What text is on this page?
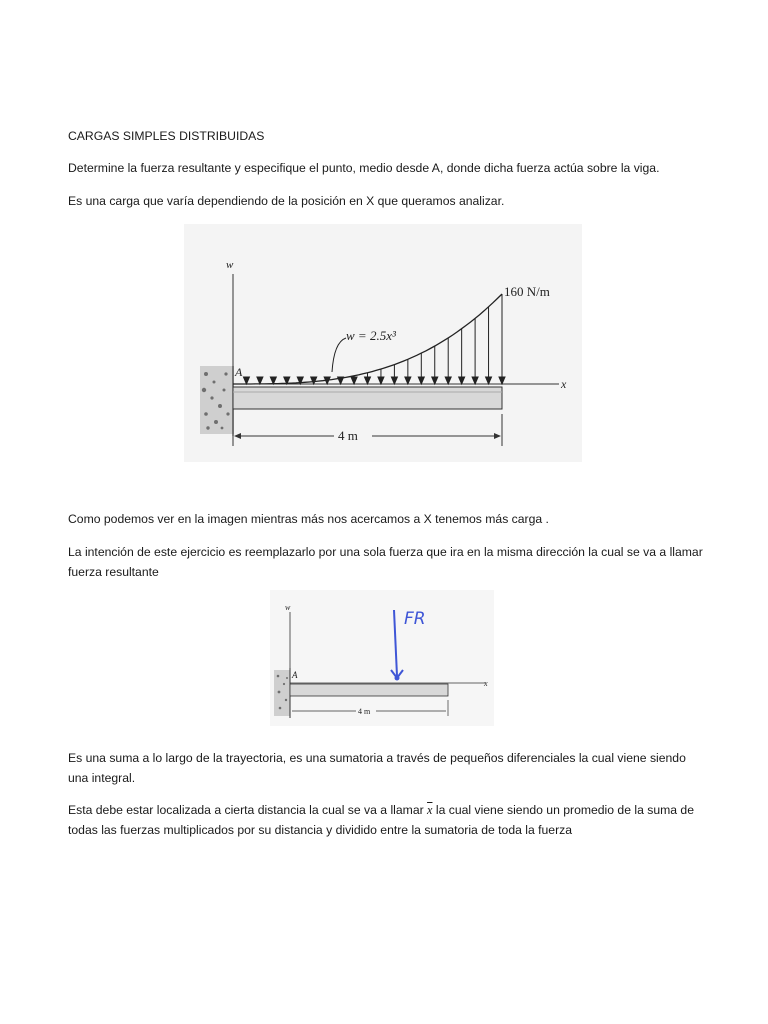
CARGAS SIMPLES DISTRIBUIDAS

Determine la fuerza resultante y especifique el punto, medio desde A, donde dicha fuerza actúa sobre la viga.

Es una carga que varía dependiendo de la posición en X que queramos analizar.

w
x
A
w = 2.5x³
160 N/m
4 m

Como podemos ver en la imagen mientras más nos acercamos a X tenemos más carga .

La intención de este ejercicio es reemplazarlo por una sola fuerza que ira en la misma dirección la cual se va a llamar fuerza resultante

w
x
A
4 m
FR

Es una suma a lo largo de la trayectoria, es una sumatoria a través de pequeños diferenciales la cual viene siendo una integral.

Esta debe estar localizada a cierta distancia la cual se va a llamar $\overline{x}$ la cual viene siendo un promedio de la suma de todas las fuerzas multiplicados por su distancia y dividido entre la sumatoria de toda la fuerza
